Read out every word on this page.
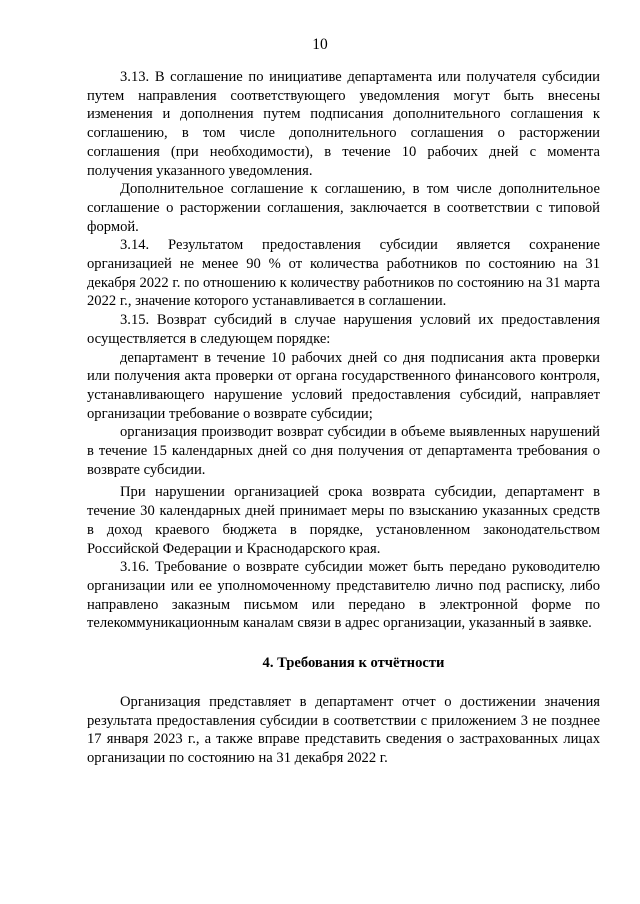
10

3.13. В соглашение по инициативе департамента или получателя субсидии путем направления соответствующего уведомления могут быть внесены изменения и дополнения путем подписания дополнительного соглашения к соглашению, в том числе дополнительного соглашения о расторжении соглашения (при необходимости), в течение 10 рабочих дней с момента получения указанного уведомления.

Дополнительное соглашение к соглашению, в том числе дополнительное соглашение о расторжении соглашения, заключается в соответствии с типовой формой.

3.14. Результатом предоставления субсидии является сохранение организацией не менее 90 % от количества работников по состоянию на 31 декабря 2022 г. по отношению к количеству работников по состоянию на 31 марта 2022 г., значение которого устанавливается в соглашении.

3.15. Возврат субсидий в случае нарушения условий их предоставления осуществляется в следующем порядке:

департамент в течение 10 рабочих дней со дня подписания акта проверки или получения акта проверки от органа государственного финансового контроля, устанавливающего нарушение условий предоставления субсидий, направляет организации требование о возврате субсидии;

организация производит возврат субсидии в объеме выявленных нарушений в течение 15 календарных дней со дня получения от департамента требования о возврате субсидии.

При нарушении организацией срока возврата субсидии, департамент в течение 30 календарных дней принимает меры по взысканию указанных средств в доход краевого бюджета в порядке, установленном законодательством Российской Федерации и Краснодарского края.

3.16. Требование о возврате субсидии может быть передано руководителю организации или ее уполномоченному представителю лично под расписку, либо направлено заказным письмом или передано в электронной форме по телекоммуникационным каналам связи в адрес организации, указанный в заявке.

4. Требования к отчётности

Организация представляет в департамент отчет о достижении значения результата предоставления субсидии в соответствии с приложением 3 не позднее 17 января 2023 г., а также вправе представить сведения о застрахованных лицах организации по состоянию на 31 декабря 2022 г.
